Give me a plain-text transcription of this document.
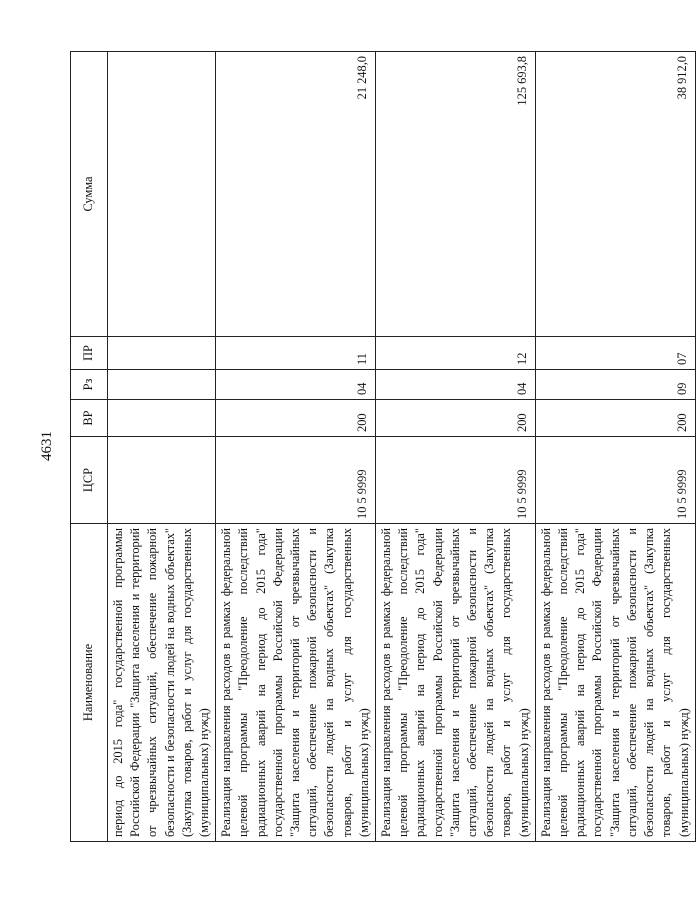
4631
Наименование	ЦСР	ВР	Рз	ПР	Сумма
период до 2015 года" государственной программы Российской Федерации "Защита населения и территорий от чрезвычайных ситуаций, обеспечение пожарной безопасности и безопасности людей на водных объектах" (Закупка товаров, работ и услуг для государственных (муниципальных) нужд)					
Реализация направления расходов в рамках федеральной целевой программы "Преодоление последствий радиационных аварий на период до 2015 года" государственной программы Российской Федерации "Защита населения и территорий от чрезвычайных ситуаций, обеспечение пожарной безопасности и безопасности людей на водных объектах" (Закупка товаров, работ и услуг для государственных (муниципальных) нужд)	10 5 9999	200	04	11	21 248,0
Реализация направления расходов в рамках федеральной целевой программы "Преодоление последствий радиационных аварий на период до 2015 года" государственной программы Российской Федерации "Защита населения и территорий от чрезвычайных ситуаций, обеспечение пожарной безопасности и безопасности людей на водных объектах" (Закупка товаров, работ и услуг для государственных (муниципальных) нужд)	10 5 9999	200	04	12	125 693,8
Реализация направления расходов в рамках федеральной целевой программы "Преодоление последствий радиационных аварий на период до 2015 года" государственной программы Российской Федерации "Защита населения и территорий от чрезвычайных ситуаций, обеспечение пожарной безопасности и безопасности людей на водных объектах" (Закупка товаров, работ и услуг для государственных (муниципальных) нужд)	10 5 9999	200	09	07	38 912,0
